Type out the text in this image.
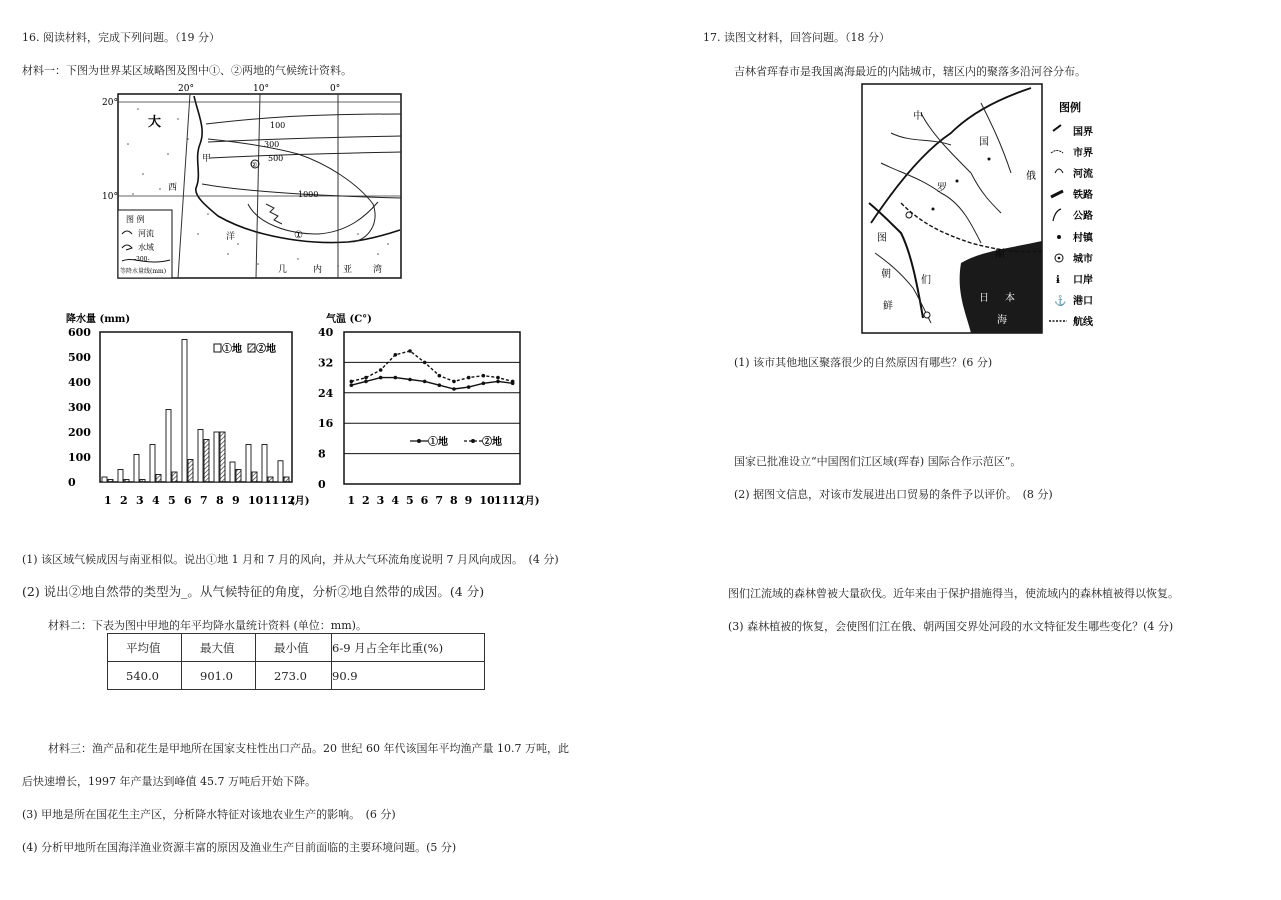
16. 阅读材料，完成下列问题。（19 分）
材料一：下图为世界某区域略图及图中①、②两地的气候统计资料。
20°	10°	0°
20°
10°
100
300
500
1000
大
西
甲
洋
几	内 亚 湾
②
①
图 例
河流
水域
-300-
等降水量线(mm)
降水量 (mm)
600
500
400
300
200
100
0
1 2 3 4 5 6 7 8 9 10 11 12
(月)
①地 ②地
气温 (C°)
40
32
24
16
8
0
1 2 3 4 5 6 7 8 9 10 11 12
(月)
①地	②地
(1) 该区域气候成因与南亚相似。说出①地 1 月和 7 月的风向，并从大气环流角度说明 7 月风向成因。　(4 分)
(2) 说出②地自然带的类型为_。从气候特征的角度，分析②地自然带的成因。(4 分)
材料二：下表为图中甲地的年平均降水量统计资料 (单位：mm)。
平均值	最大值	最小值	6-9 月占全年比重(%)
540.0	901.0	273.0	90.9
材料三：渔产品和花生是甲地所在国家支柱性出口产品。20 世纪 60 年代该国年平均渔产量 10.7 万吨，此
后快速增长，1997 年产量达到峰值 45.7 万吨后开始下降。
(3) 甲地是所在国花生主产区，分析降水特征对该地农业生产的影响。　(6 分)
(4) 分析甲地所在国海洋渔业资源丰富的原因及渔业生产目前面临的主要环境问题。(5 分)
17. 读图文材料，回答问题。（18 分）
吉林省珲春市是我国离海最近的内陆城市，辖区内的聚落多沿河谷分布。
中
国
俄
罗
斯
图
们
朝
鲜
日 本
海
图例
国界
市界
河流
铁路
公路
村镇
城市
ɨ 口岸
⚓ 港口
航线
(1) 该市其他地区聚落很少的自然原因有哪些？(6 分)
国家已批准设立“中国图们江区域(珲春) 国际合作示范区”。
(2) 据图文信息，对该市发展进出口贸易的条件予以评价。　(8 分)
图们江流域的森林曾被大量砍伐。近年来由于保护措施得当，使流域内的森林植被得以恢复。
(3) 森林植被的恢复，会使图们江在俄、朝两国交界处河段的水文特征发生哪些变化？(4 分)
